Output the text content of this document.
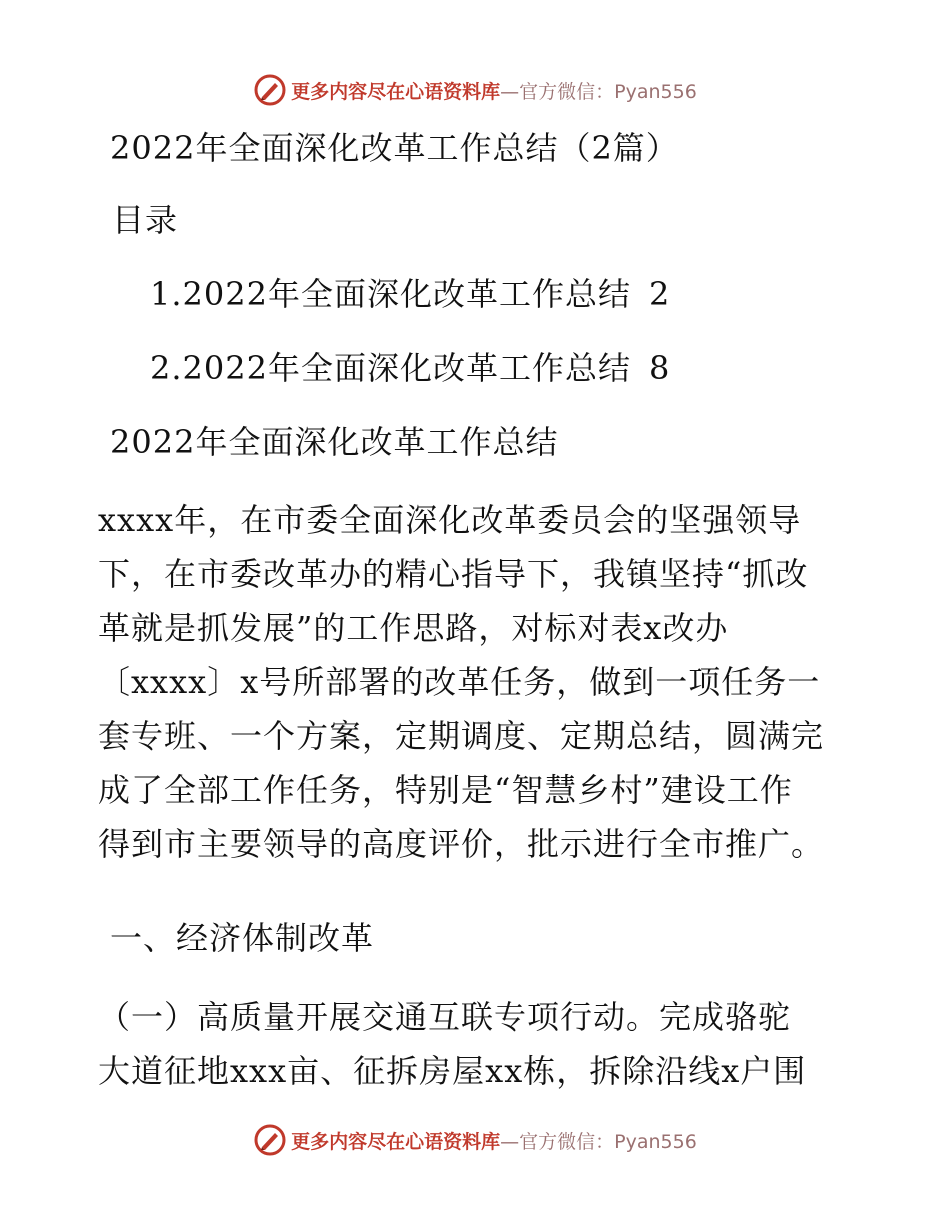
更多内容尽在心语资料库 —官方微信：Pyan556
2022年全面深化改革工作总结（2篇）
目录
1.2022年全面深化改革工作总结 2
2.2022年全面深化改革工作总结 8
2022年全面深化改革工作总结
xxxx年，在市委全面深化改革委员会的坚强领导
下，在市委改革办的精心指导下，我镇坚持“抓改
革就是抓发展”的工作思路，对标对表x改办
〔xxxx〕x号所部署的改革任务，做到一项任务一
套专班、一个方案，定期调度、定期总结，圆满完
成了全部工作任务，特别是“智慧乡村”建设工作
得到市主要领导的高度评价，批示进行全市推广。
一、经济体制改革
（一）高质量开展交通互联专项行动。完成骆驼
大道征地xxx亩、征拆房屋xx栋，拆除沿线x户围
更多内容尽在心语资料库 —官方微信：Pyan556
